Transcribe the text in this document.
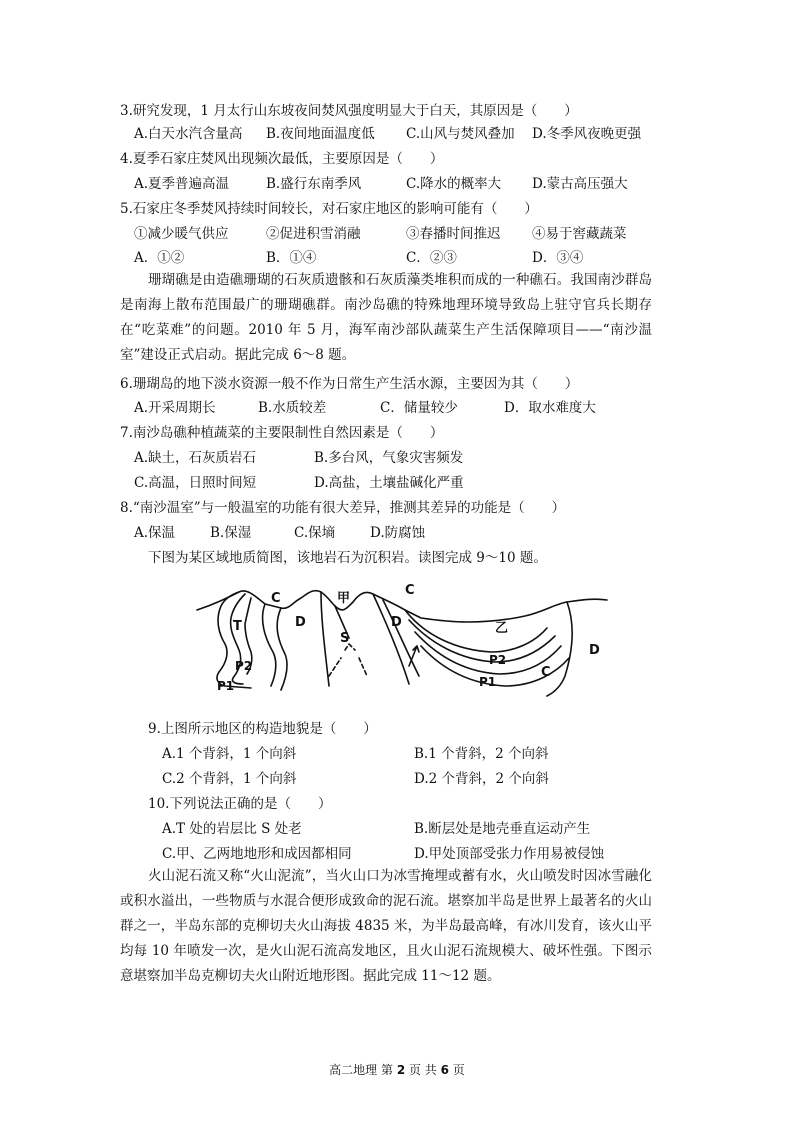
3.研究发现，1 月太行山东坡夜间焚风强度明显大于白天，其原因是（　　）
A.白天水汽含量高 B.夜间地面温度低 C.山风与焚风叠加 D.冬季风夜晚更强
4.夏季石家庄焚风出现频次最低，主要原因是（　　）
A.夏季普遍高温	B.盛行东南季风	C.降水的概率大 D.蒙古高压强大
5.石家庄冬季焚风持续时间较长，对石家庄地区的影响可能有（　　）
①减少暖气供应	②促进积雪消融	③春播时间推迟 ④易于窖藏蔬菜
A．①②	B．①④	C．②③	D．③④
珊瑚礁是由造礁珊瑚的石灰质遗骸和石灰质藻类堆积而成的一种礁石。我国南沙群岛是南海上散布范围最广的珊瑚礁群。南沙岛礁的特殊地理环境导致岛上驻守官兵长期存在“吃菜难”的问题。2010 年 5 月，海军南沙部队蔬菜生产生活保障项目——“南沙温室”建设正式启动。据此完成 6～8 题。
6.珊瑚岛的地下淡水资源一般不作为日常生产生活水源，主要因为其（　　）
A.开采周期长	B.水质较差	C．储量较少	D．取水难度大
7.南沙岛礁种植蔬菜的主要限制性自然因素是（　　）
A.缺土，石灰质岩石	B.多台风，气象灾害频发
C.高温，日照时间短	D.高盐，土壤盐碱化严重
8.“南沙温室”与一般温室的功能有很大差异，推测其差异的功能是（　　）
A.保温	B.保湿	C.保墒	D.防腐蚀
下图为某区域地质简图，该地岩石为沉积岩。读图完成 9～10 题。
C	甲
C
T	D	D
S
乙
P2
P1
P2
P1
C
D
9.上图所示地区的构造地貌是（　　）
A.1 个背斜，1 个向斜	B.1 个背斜，2 个向斜
C.2 个背斜，1 个向斜	D.2 个背斜，2 个向斜
10.下列说法正确的是（　　）
A.T 处的岩层比 S 处老	B.断层处是地壳垂直运动产生
C.甲、乙两地地形和成因都相同	D.甲处顶部受张力作用易被侵蚀
火山泥石流又称“火山泥流”，当火山口为冰雪掩埋或蓄有水，火山喷发时因冰雪融化或积水溢出，一些物质与水混合便形成致命的泥石流。堪察加半岛是世界上最著名的火山群之一，半岛东部的克柳切夫火山海拔 4835 米，为半岛最高峰，有冰川发育，该火山平均每 10 年喷发一次，是火山泥石流高发地区，且火山泥石流规模大、破坏性强。下图示意堪察加半岛克柳切夫火山附近地形图。据此完成 11～12 题。
高二地理 第 2 页 共 6 页
